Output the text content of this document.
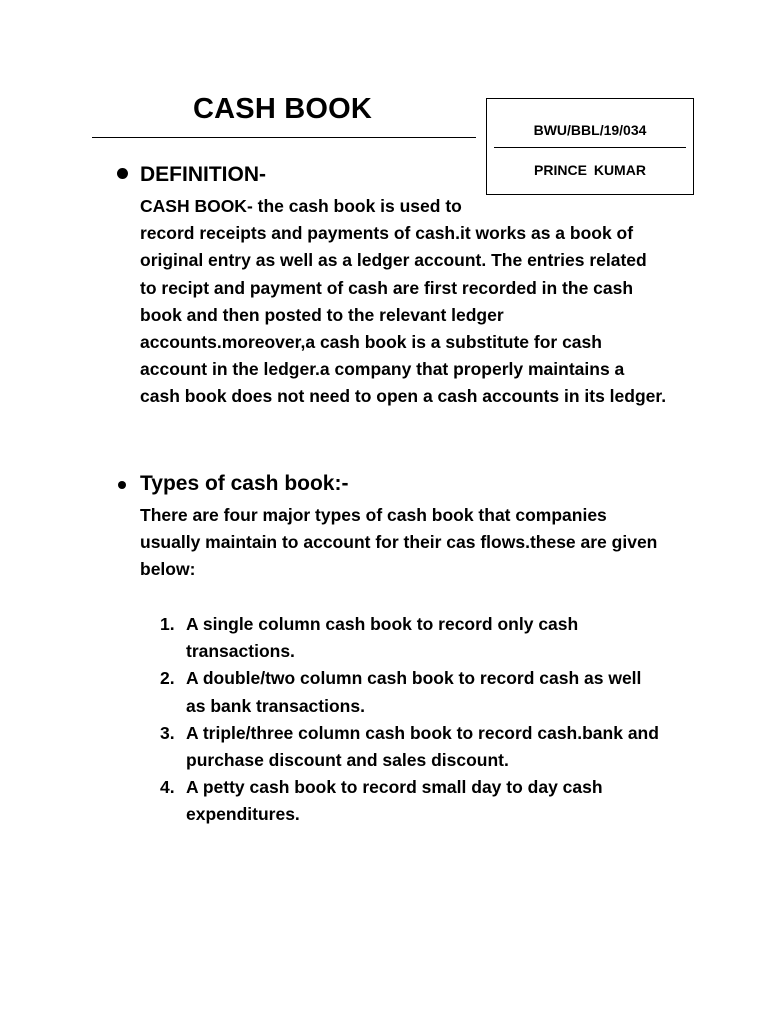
CASH BOOK
BWU/BBL/19/034
PRINCE KUMAR
DEFINITION-
CASH BOOK- the cash book is used to
record receipts and payments of cash.it works as a book of
original entry as well as a ledger account. The entries related
to recipt and payment of cash are first recorded in the cash
book and then posted to the relevant ledger
accounts.moreover,a cash book is a substitute for cash
account in the ledger.a company that properly maintains a
cash book does not need to open a cash accounts in its ledger.
Types of cash book:-
There are four major types of cash book that companies
usually maintain to account for their cas flows.these are given
below:
1. A single column cash book to record only cash
transactions.
2. A double/two column cash book to record cash as well
as bank transactions.
3. A triple/three column cash book to record cash.bank and
purchase discount and sales discount.
4. A petty cash book to record small day to day cash
expenditures.
